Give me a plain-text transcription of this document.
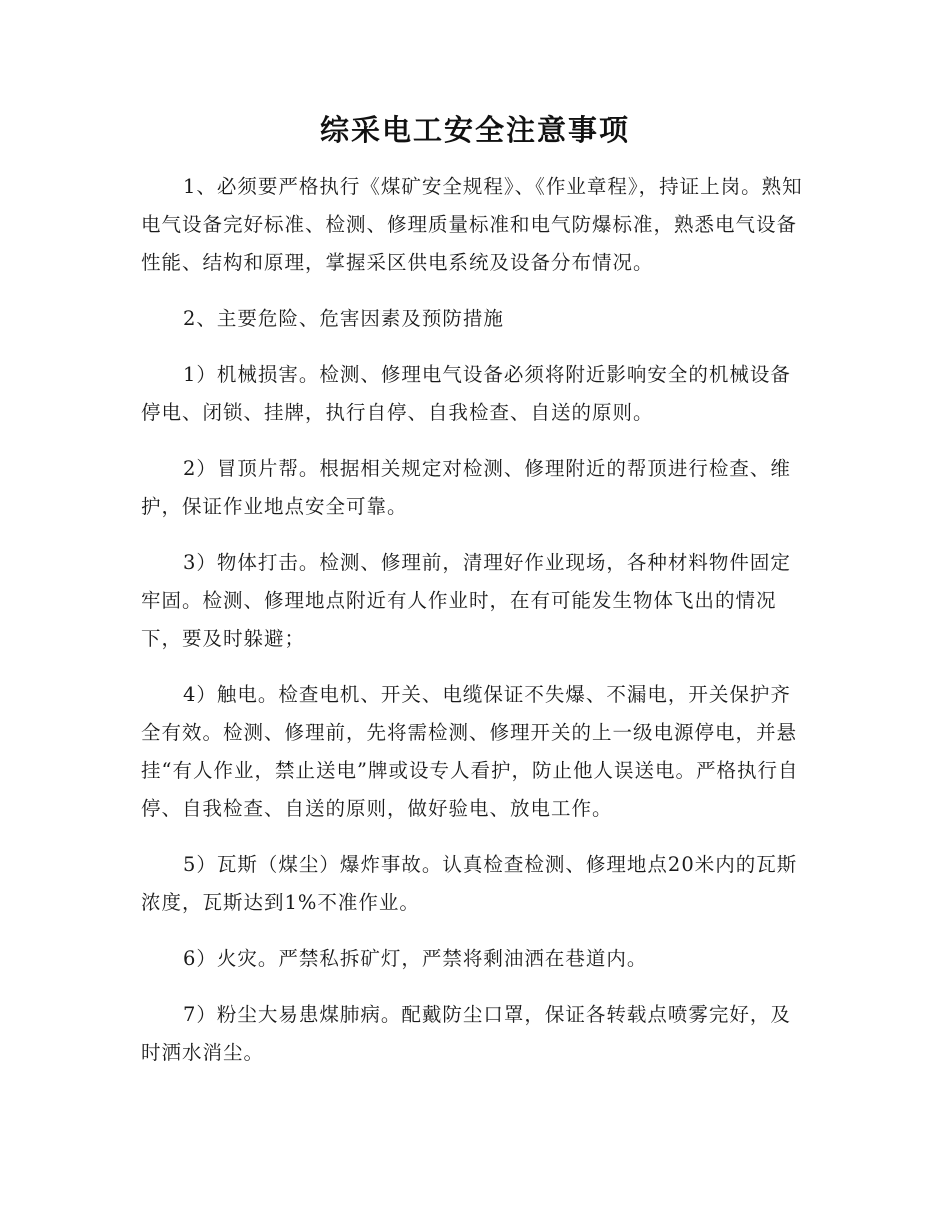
综采电工安全注意事项

1、必须要严格执行《煤矿安全规程》、《作业章程》，持证上岗。熟知电气设备完好标准、检测、修理质量标准和电气防爆标准，熟悉电气设备性能、结构和原理，掌握采区供电系统及设备分布情况。

2、主要危险、危害因素及预防措施

1）机械损害。检测、修理电气设备必须将附近影响安全的机械设备停电、闭锁、挂牌，执行自停、自我检查、自送的原则。

2）冒顶片帮。根据相关规定对检测、修理附近的帮顶进行检查、维护，保证作业地点安全可靠。

3）物体打击。检测、修理前，清理好作业现场，各种材料物件固定牢固。检测、修理地点附近有人作业时，在有可能发生物体飞出的情况下，要及时躲避；

4）触电。检查电机、开关、电缆保证不失爆、不漏电，开关保护齐全有效。检测、修理前，先将需检测、修理开关的上一级电源停电，并悬挂“有人作业，禁止送电”牌或设专人看护，防止他人误送电。严格执行自停、自我检查、自送的原则，做好验电、放电工作。

5）瓦斯（煤尘）爆炸事故。认真检查检测、修理地点20米内的瓦斯浓度，瓦斯达到1%不准作业。

6）火灾。严禁私拆矿灯，严禁将剩油洒在巷道内。

7）粉尘大易患煤肺病。配戴防尘口罩，保证各转载点喷雾完好，及时洒水消尘。
